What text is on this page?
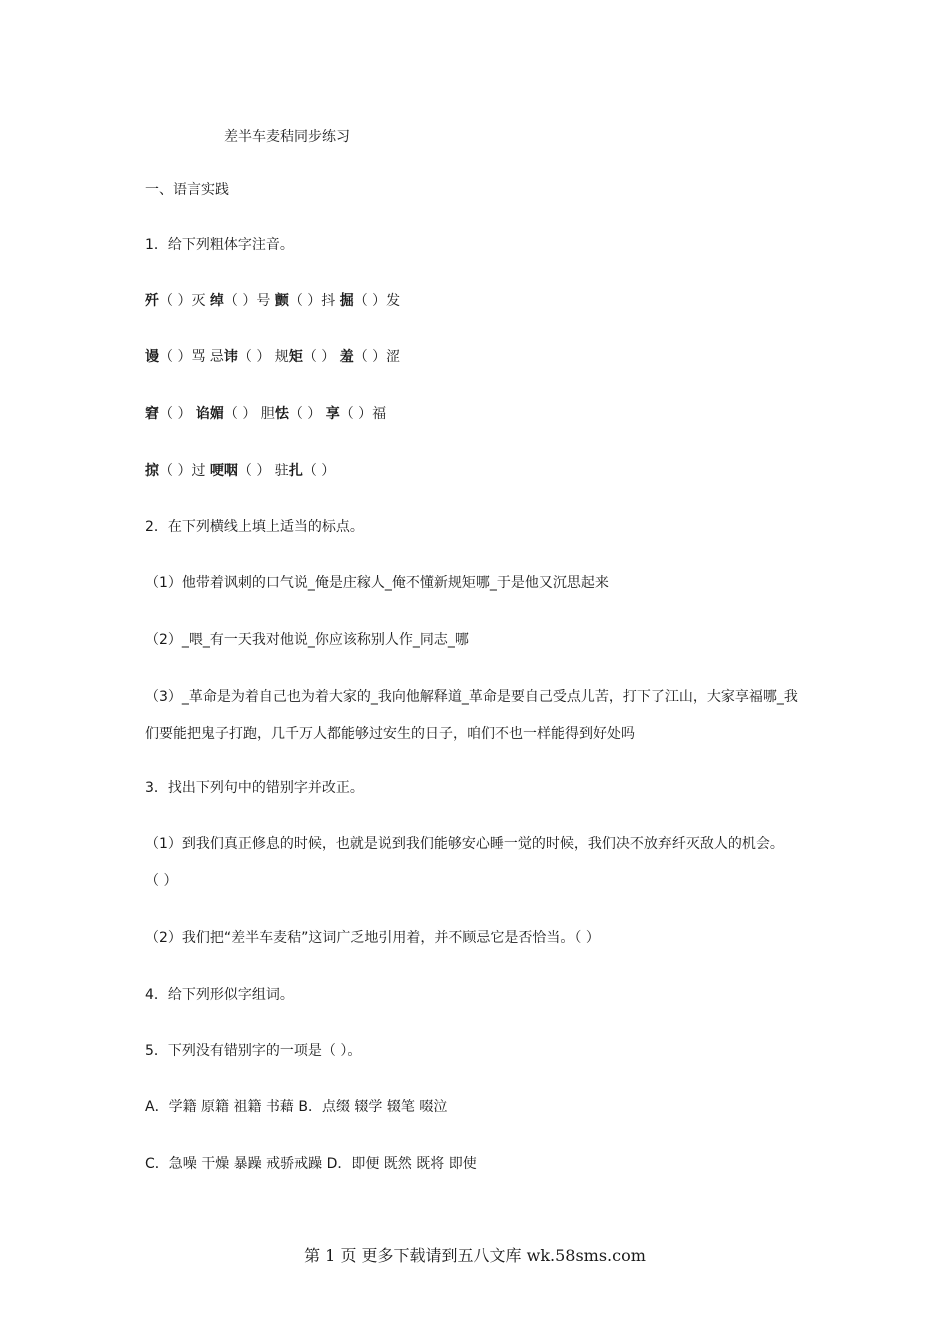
差半车麦秸同步练习
一、语言实践
1．给下列粗体字注音。
歼（ ）灭 绰（ ）号 颤（ ）抖 掘（ ）发
谩（ ）骂 忌讳（ ） 规矩（ ） 羞（ ）涩
窘（ ） 谄媚（ ） 胆怯（ ） 享（ ）福
掠（ ）过 哽咽（ ） 驻扎（ ）
2．在下列横线上填上适当的标点。
（1）他带着讽刺的口气说_俺是庄稼人_俺不懂新规矩哪_于是他又沉思起来
（2）_喂_有一天我对他说_你应该称别人作_同志_哪
（3）_革命是为着自己也为着大家的_我向他解释道_革命是要自己受点儿苦，打下了江山，大家享福哪_我
们要能把鬼子打跑，几千万人都能够过安生的日子，咱们不也一样能得到好处吗
3．找出下列句中的错别字并改正。
（1）到我们真正修息的时候，也就是说到我们能够安心睡一觉的时候，我们决不放弃纤灭敌人的机会。
（ ）
（2）我们把“差半车麦秸”这词广乏地引用着，并不顾忌它是否恰当。（ ）
4．给下列形似字组词。
5．下列没有错别字的一项是（ ）。
A．学籍 原籍 祖籍 书藉 B．点缀 辍学 辍笔 啜泣
C．急噪 干燥 暴躁 戒骄戒躁 D．即便 既然 既将 即使
第 1 页 更多下载请到五八文库 wk.58sms.com
